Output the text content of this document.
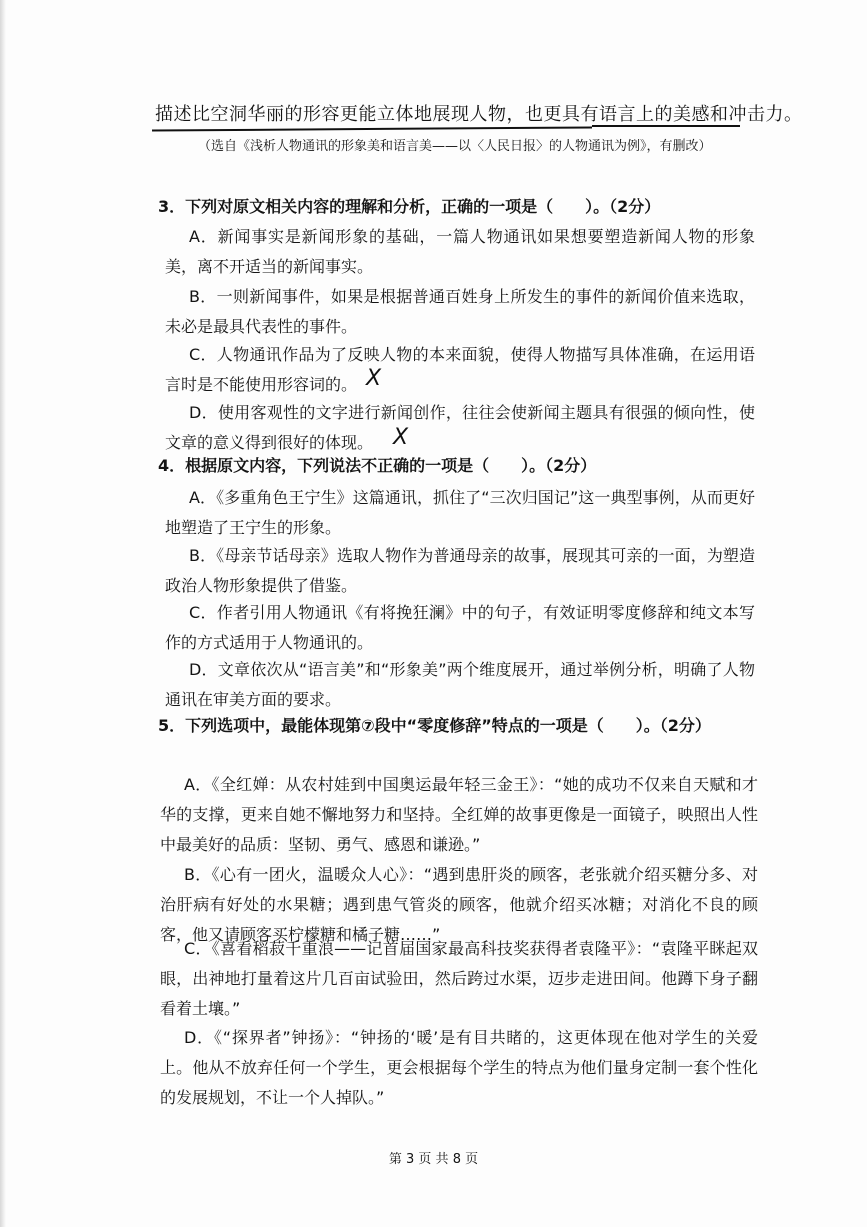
描述比空洞华丽的形容更能立体地展现人物，也更具有语言上的美感和冲击力。
（选自《浅析人物通讯的形象美和语言美——以〈人民日报〉的人物通讯为例》，有删改）
3．下列对原文相关内容的理解和分析，正确的一项是（　　）。（2分）
A．新闻事实是新闻形象的基础，一篇人物通讯如果想要塑造新闻人物的形象美，离不开适当的新闻事实。
B．一则新闻事件，如果是根据普通百姓身上所发生的事件的新闻价值来选取，未必是最具代表性的事件。
C．人物通讯作品为了反映人物的本来面貌，使得人物描写具体准确，在运用语言时是不能使用形容词的。 X
D．使用客观性的文字进行新闻创作，往往会使新闻主题具有很强的倾向性，使文章的意义得到很好的体现。 X
4．根据原文内容，下列说法不正确的一项是（　　）。（2分）
A．《多重角色王宁生》这篇通讯，抓住了“三次归国记”这一典型事例，从而更好地塑造了王宁生的形象。
B．《母亲节话母亲》选取人物作为普通母亲的故事，展现其可亲的一面，为塑造政治人物形象提供了借鉴。
C．作者引用人物通讯《有将挽狂澜》中的句子，有效证明零度修辞和纯文本写作的方式适用于人物通讯的。
D．文章依次从“语言美”和“形象美”两个维度展开，通过举例分析，明确了人物通讯在审美方面的要求。
5．下列选项中，最能体现第⑦段中“零度修辞”特点的一项是（　　）。（2分）
A．《全红婵：从农村娃到中国奥运最年轻三金王》：“她的成功不仅来自天赋和才华的支撑，更来自她不懈地努力和坚持。全红婵的故事更像是一面镜子，映照出人性中最美好的品质：坚韧、勇气、感恩和谦逊。”
B．《心有一团火，温暖众人心》：“遇到患肝炎的顾客，老张就介绍买糖分多、对治肝病有好处的水果糖；遇到患气管炎的顾客，他就介绍买冰糖；对消化不良的顾客，他又请顾客买柠檬糖和橘子糖……”
C．《喜看稻菽千重浪——记首届国家最高科技奖获得者袁隆平》：“袁隆平眯起双眼，出神地打量着这片几百亩试验田，然后跨过水渠，迈步走进田间。他蹲下身子翻看着土壤。”
D．《“探界者”钟扬》：“钟扬的‘暖’是有目共睹的，这更体现在他对学生的关爱上。他从不放弃任何一个学生，更会根据每个学生的特点为他们量身定制一套个性化的发展规划，不让一个人掉队。”
第 3 页 共 8 页
